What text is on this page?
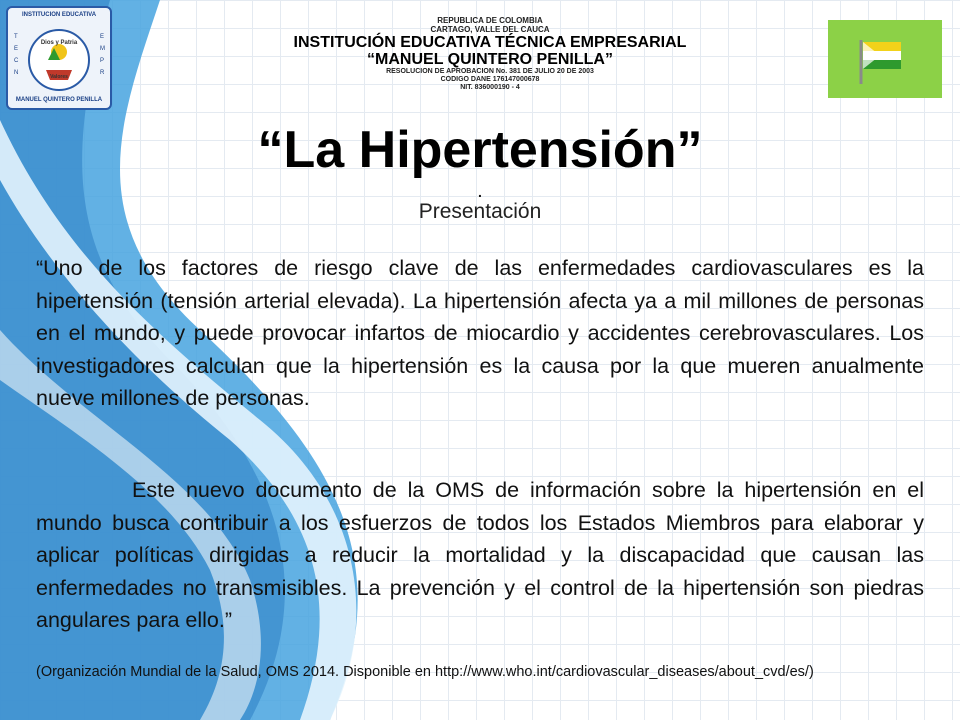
INSTITUCION EDUCATIVA
T
E
C
N
E
M
P
R
Dios y Patria
Valores
MANUEL QUINTERO PENILLA
REPUBLICA DE COLOMBIA
CARTAGO, VALLE DEL CAUCA
INSTITUCIÓN EDUCATIVA TÉCNICA EMPRESARIAL
“MANUEL QUINTERO PENILLA”
RESOLUCION DE APROBACION No. 381 DE JULIO 20 DE 2003
CODIGO DANE 176147000678
NIT. 836000190 - 4
“La Hipertensión”
.
Presentación
“Uno de los factores de riesgo clave de las enfermedades cardiovasculares es la hipertensión (tensión arterial elevada). La hipertensión afecta ya a mil millones de personas en el mundo, y puede provocar infartos de miocardio y accidentes cerebrovasculares. Los investigadores calculan que la hipertensión es la causa por la que mueren anualmente nueve millones de personas.
Este nuevo documento de la OMS de información sobre la hipertensión en el mundo busca contribuir a los esfuerzos de todos los Estados Miembros para elaborar y aplicar políticas dirigidas a reducir la mortalidad y la discapacidad que causan las enfermedades no transmisibles. La prevención y el control de la hipertensión son piedras angulares para ello.”
(Organización Mundial de la Salud, OMS 2014. Disponible en http://www.who.int/cardiovascular_diseases/about_cvd/es/)
